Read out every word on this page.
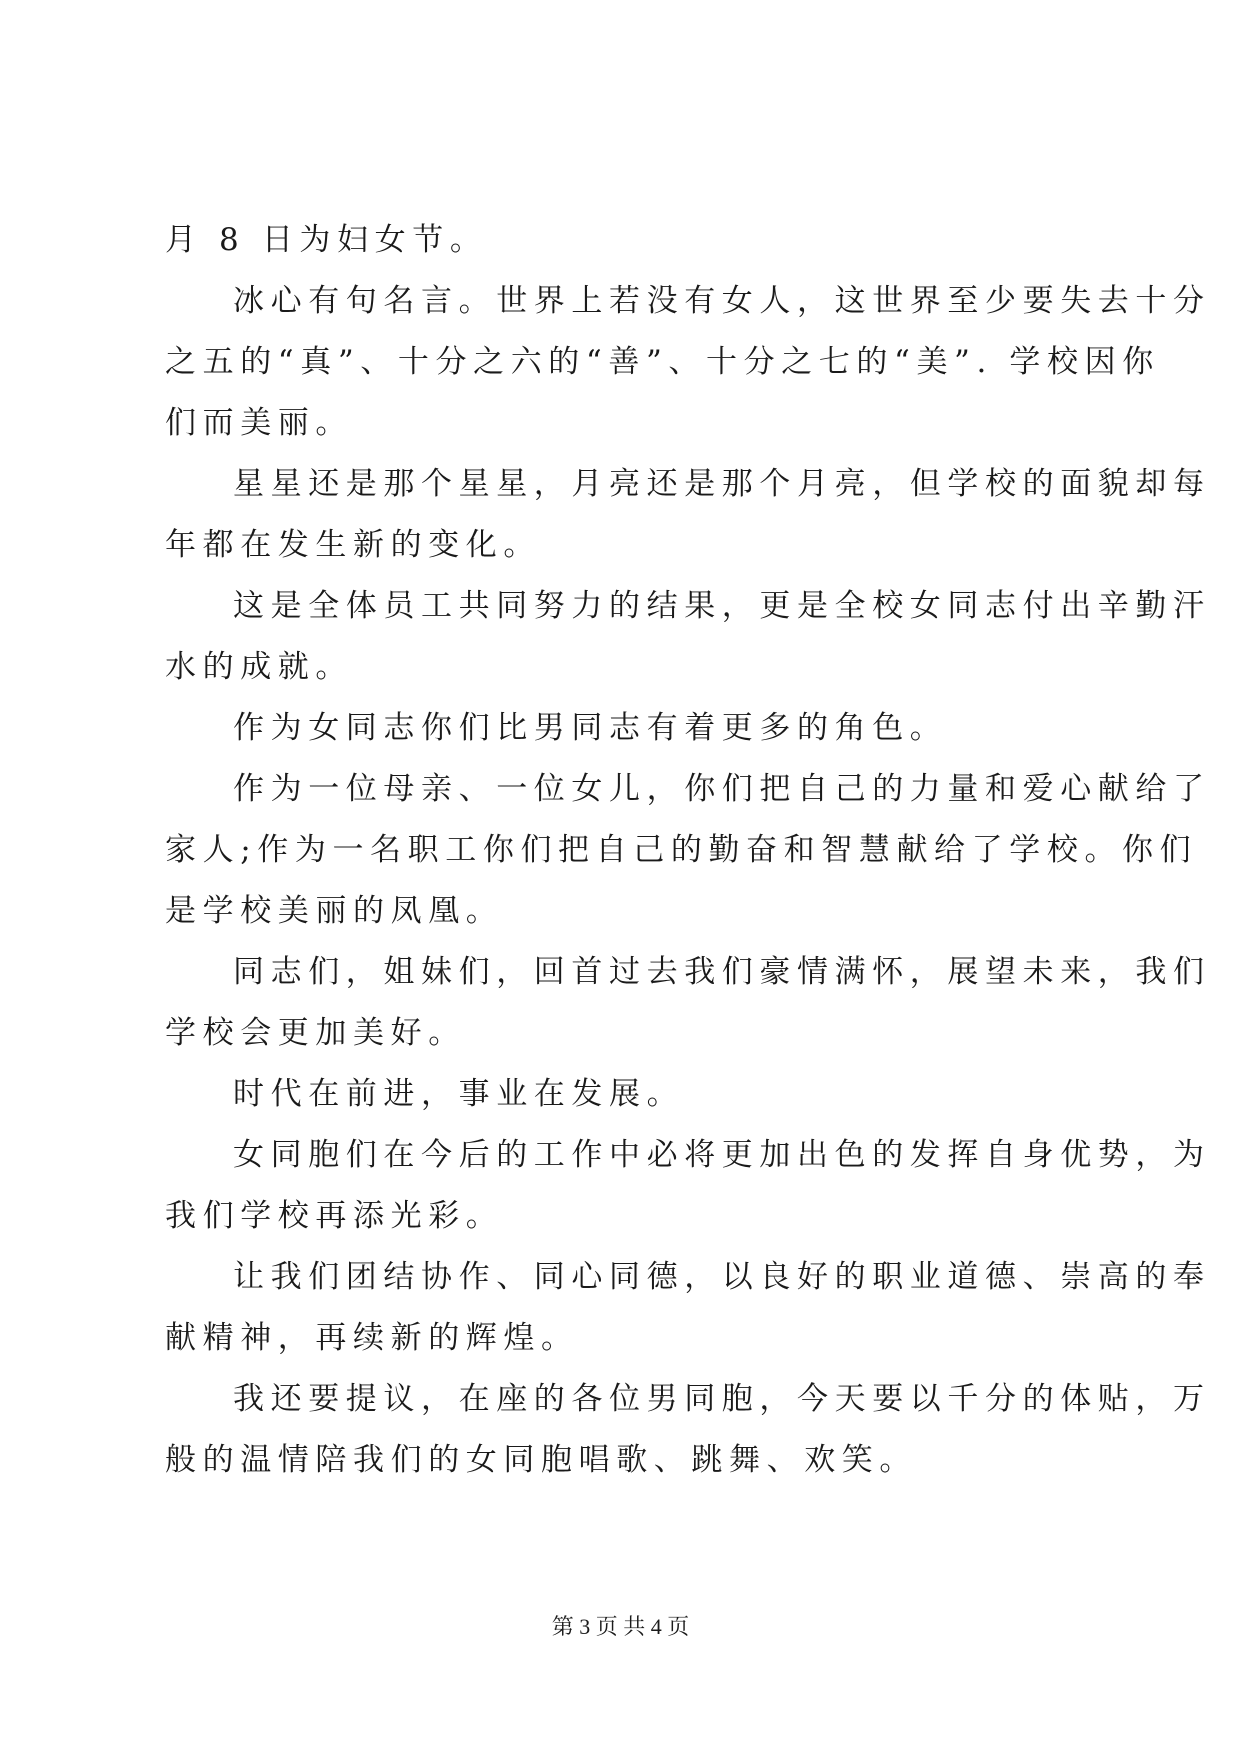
月 8 日为妇女节。
冰心有句名言。世界上若没有女人，这世界至少要失去十分
之五的“真”、十分之六的“善”、十分之七的“美”. 学校因你
们而美丽。
星星还是那个星星，月亮还是那个月亮，但学校的面貌却每
年都在发生新的变化。
这是全体员工共同努力的结果，更是全校女同志付出辛勤汗
水的成就。
作为女同志你们比男同志有着更多的角色。
作为一位母亲、一位女儿，你们把自己的力量和爱心献给了
家人;作为一名职工你们把自己的勤奋和智慧献给了学校。你们
是学校美丽的凤凰。
同志们，姐妹们，回首过去我们豪情满怀，展望未来，我们
学校会更加美好。
时代在前进，事业在发展。
女同胞们在今后的工作中必将更加出色的发挥自身优势，为
我们学校再添光彩。
让我们团结协作、同心同德，以良好的职业道德、崇高的奉
献精神，再续新的辉煌。
我还要提议，在座的各位男同胞，今天要以千分的体贴，万
般的温情陪我们的女同胞唱歌、跳舞、欢笑。
第 3 页 共 4 页
